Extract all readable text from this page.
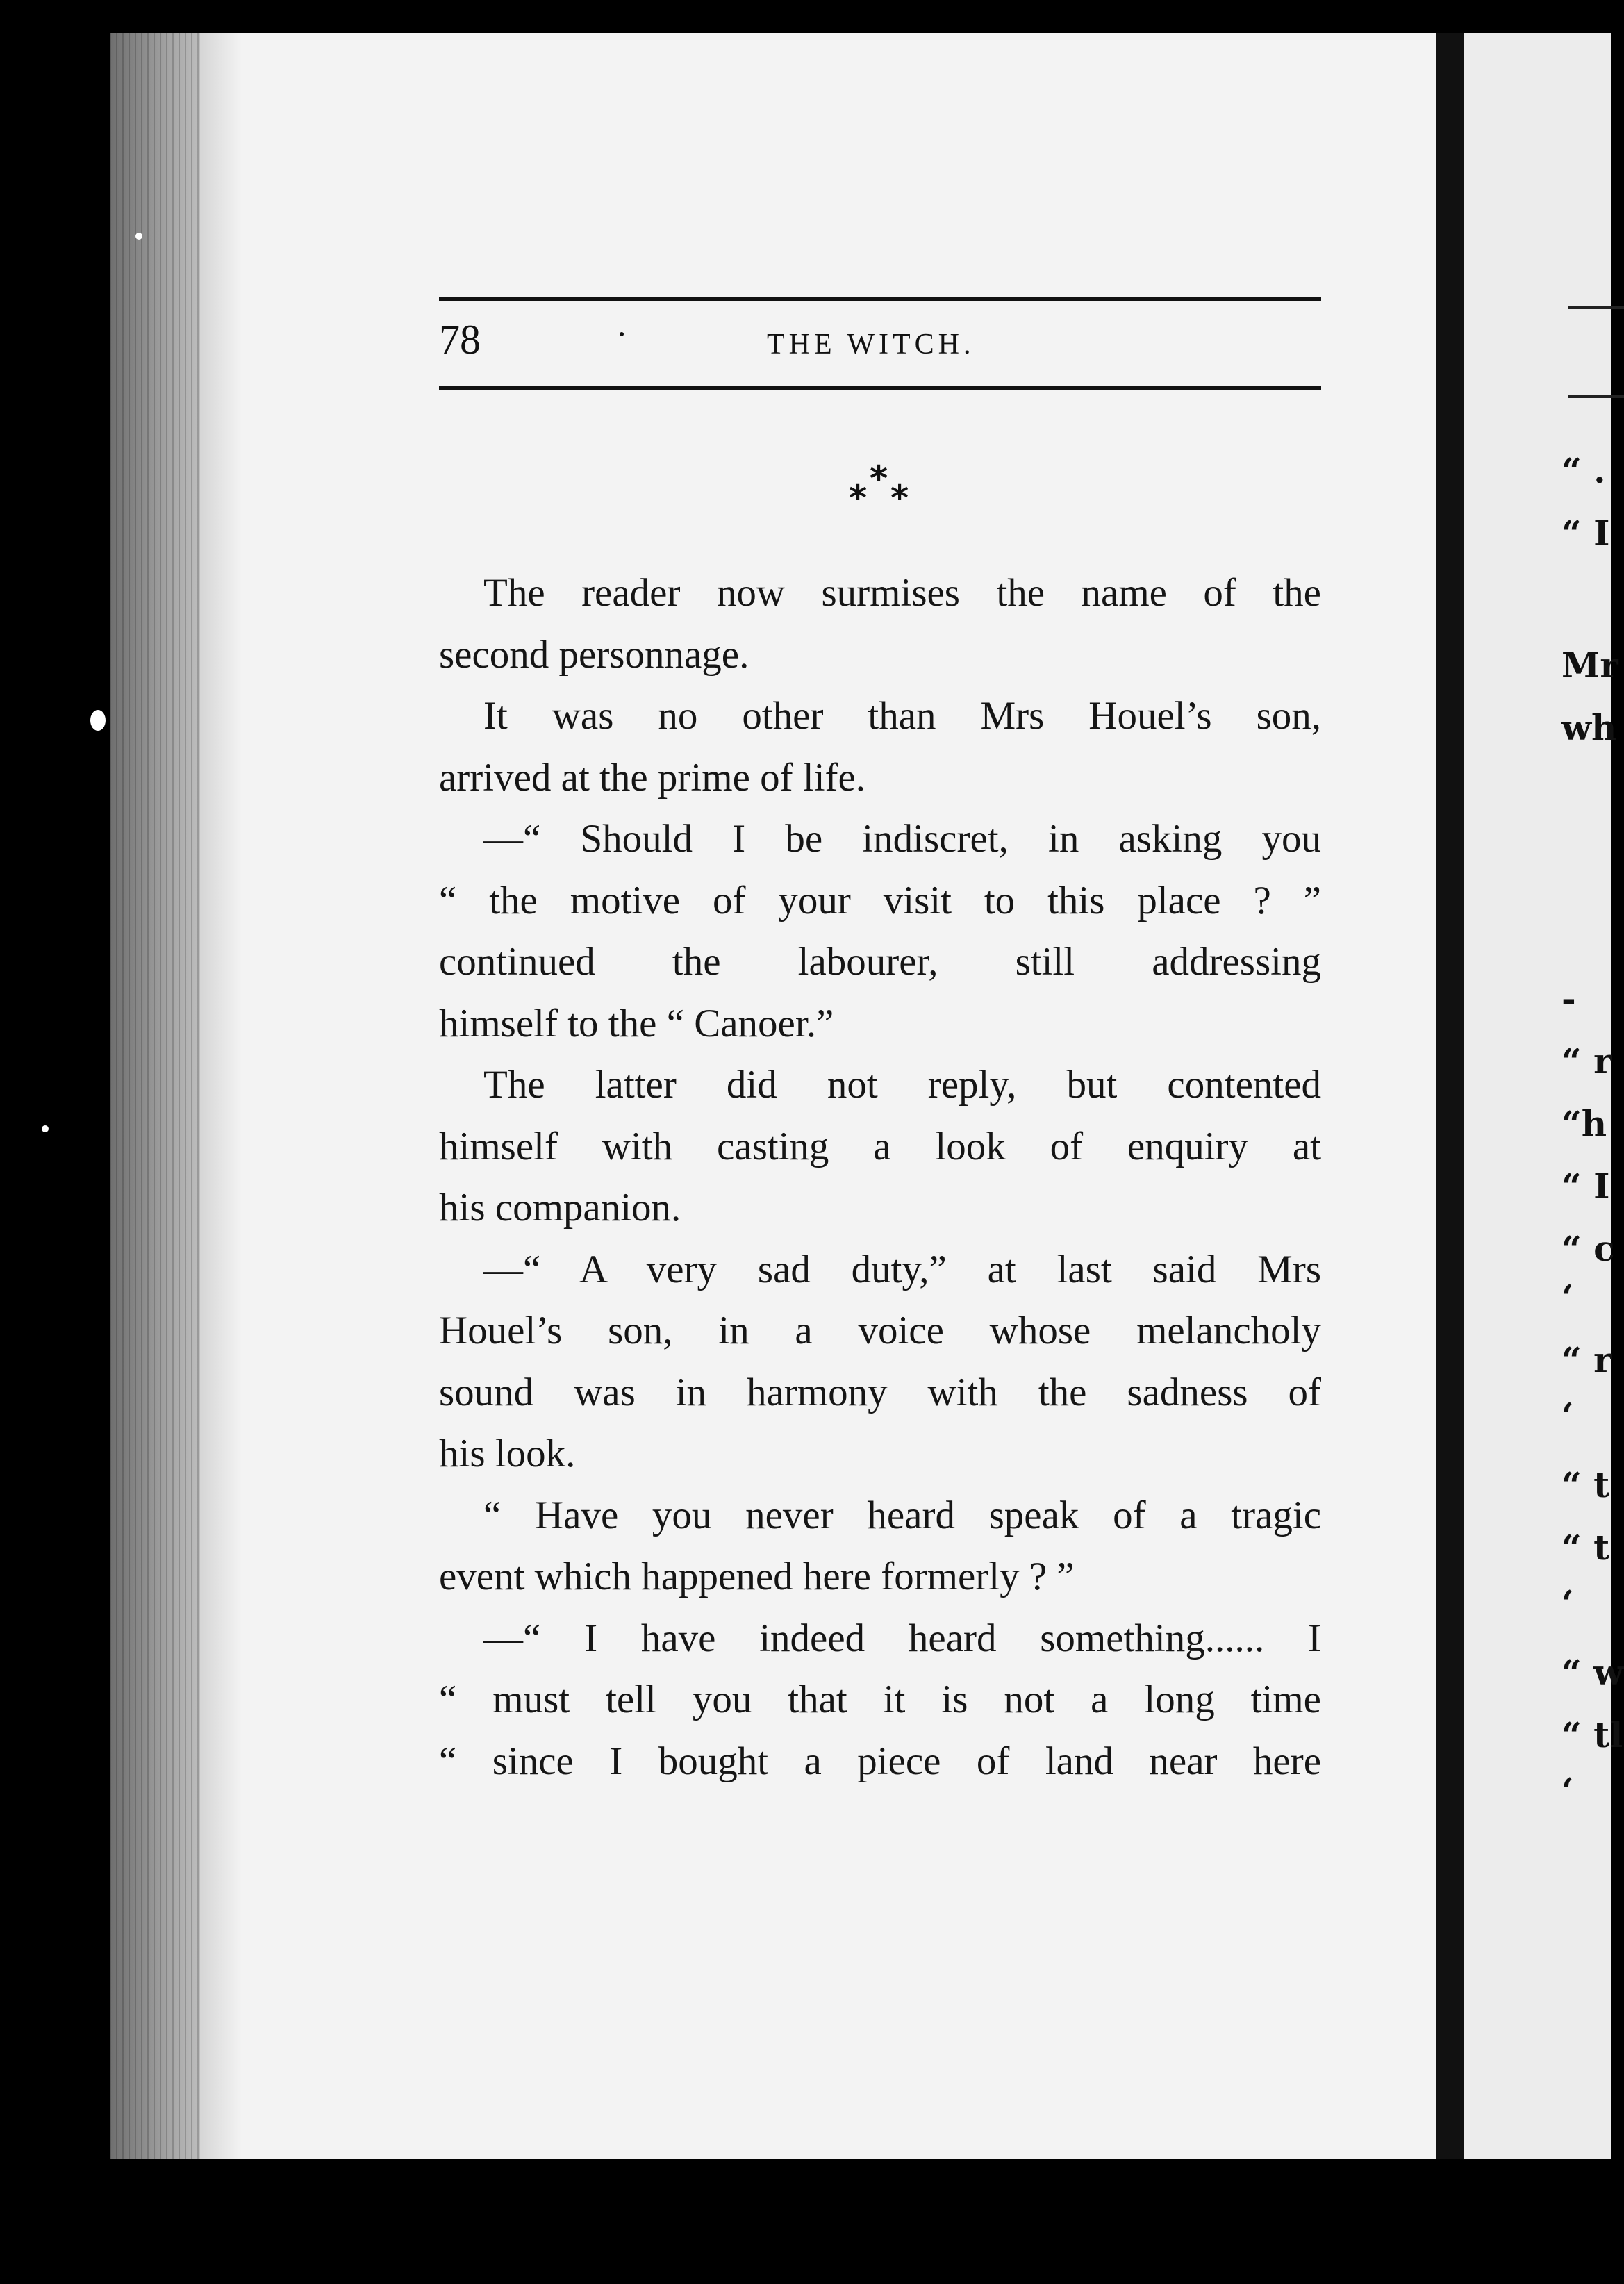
“ .
“ I
Mr
wh
-
“ r
“h
“ I
“ c
‘
“ r
‘
“ t
“ t
‘
“ w
“ tl
‘
78	THE WITCH.
*
* *
The reader now surmises the name of the
second personnage.
It was no other than Mrs Houel’s son,
arrived at the prime of life.
—“ Should I be indiscret, in asking you
“ the motive of your visit to this place ? ”
continued the labourer, still addressing
himself to the “ Canoer.”
The latter did not reply, but contented
himself with casting a look of enquiry at
his companion.
—“ A very sad duty,” at last said Mrs
Houel’s son, in a voice whose melancholy
sound was in harmony with the sadness of
his look.
“ Have you never heard speak of a tragic
event which happened here formerly ? ”
—“ I have indeed heard something...... I
“ must tell you that it is not a long time
“ since I bought a piece of land near here
